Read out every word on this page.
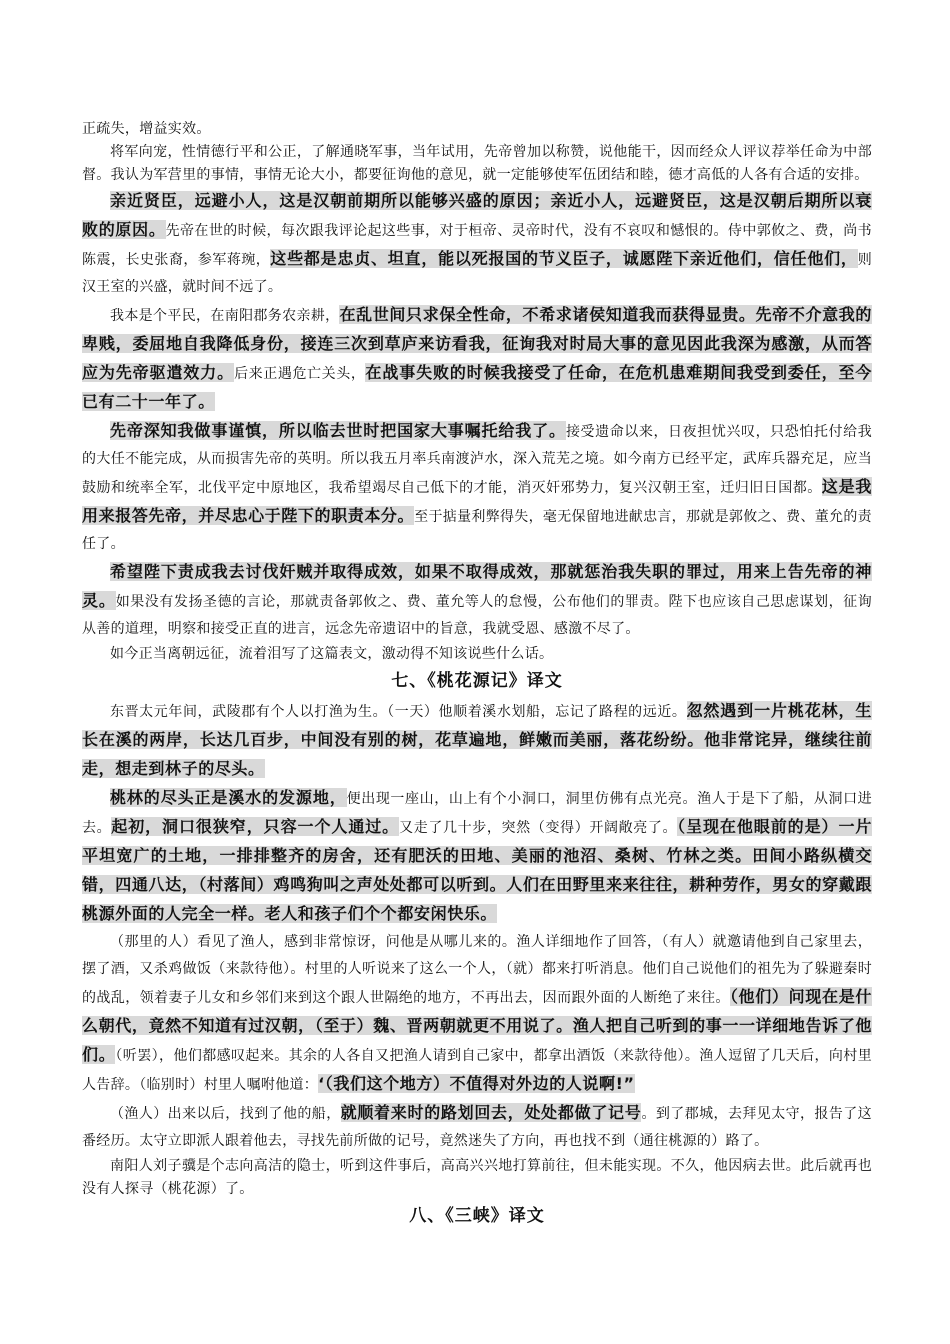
正疏失，增益实效。

将军向宠，性情德行平和公正，了解通晓军事，当年试用，先帝曾加以称赞，说他能干，因而经众人评议荐举任命为中部督。我认为军营里的事情，事情无论大小，都要征询他的意见，就一定能够使军伍团结和睦，德才高低的人各有合适的安排。

亲近贤臣，远避小人，这是汉朝前期所以能够兴盛的原因；亲近小人，远避贤臣，这是汉朝后期所以衰败的原因。先帝在世的时候，每次跟我评论起这些事，对于桓帝、灵帝时代，没有不哀叹和憾恨的。侍中郭攸之、费，尚书陈震，长史张裔，参军蒋琬，这些都是忠贞、坦直，能以死报国的节义臣子，诚愿陛下亲近他们，信任他们，则汉王室的兴盛，就时间不远了。

我本是个平民，在南阳郡务农亲耕，在乱世间只求保全性命，不希求诸侯知道我而获得显贵。先帝不介意我的卑贱，委屈地自我降低身份，接连三次到草庐来访看我，征询我对时局大事的意见因此我深为感激，从而答应为先帝驱遣效力。后来正遇危亡关头，在战事失败的时候我接受了任命，在危机患难期间我受到委任，至今已有二十一年了。

先帝深知我做事谨慎，所以临去世时把国家大事嘱托给我了。接受遗命以来，日夜担忧兴叹，只恐怕托付给我的大任不能完成，从而损害先帝的英明。所以我五月率兵南渡泸水，深入荒芜之境。如今南方已经平定，武库兵器充足，应当鼓励和统率全军，北伐平定中原地区，我希望竭尽自己低下的才能，消灭奸邪势力，复兴汉朝王室，迁归旧日国都。这是我用来报答先帝，并尽忠心于陛下的职责本分。至于掂量利弊得失，毫无保留地进献忠言，那就是郭攸之、费、董允的责任了。

希望陛下责成我去讨伐奸贼并取得成效，如果不取得成效，那就惩治我失职的罪过，用来上告先帝的神灵。如果没有发扬圣德的言论，那就责备郭攸之、费、董允等人的怠慢，公布他们的罪责。陛下也应该自己思虑谋划，征询从善的道理，明察和接受正直的进言，远念先帝遗诏中的旨意，我就受恩、感激不尽了。

如今正当离朝远征，流着泪写了这篇表文，激动得不知该说些什么话。

七、《桃花源记》译文

东晋太元年间，武陵郡有个人以打渔为生。（一天）他顺着溪水划船，忘记了路程的远近。忽然遇到一片桃花林，生长在溪的两岸，长达几百步，中间没有别的树，花草遍地，鲜嫩而美丽，落花纷纷。他非常诧异，继续往前走，想走到林子的尽头。

桃林的尽头正是溪水的发源地，便出现一座山，山上有个小洞口，洞里仿佛有点光亮。渔人于是下了船，从洞口进去。起初，洞口很狭窄，只容一个人通过。又走了几十步，突然（变得）开阔敞亮了。（呈现在他眼前的是）一片平坦宽广的土地，一排排整齐的房舍，还有肥沃的田地、美丽的池沼、桑树、竹林之类。田间小路纵横交错，四通八达，（村落间）鸡鸣狗叫之声处处都可以听到。人们在田野里来来往往，耕种劳作，男女的穿戴跟桃源外面的人完全一样。老人和孩子们个个都安闲快乐。

（那里的人）看见了渔人，感到非常惊讶，问他是从哪儿来的。渔人详细地作了回答，（有人）就邀请他到自己家里去，摆了酒，又杀鸡做饭（来款待他）。村里的人听说来了这么一个人，（就）都来打听消息。他们自己说他们的祖先为了躲避秦时的战乱，领着妻子儿女和乡邻们来到这个跟人世隔绝的地方，不再出去，因而跟外面的人断绝了来往。（他们）问现在是什么朝代，竟然不知道有过汉朝，（至于）魏、晋两朝就更不用说了。渔人把自己听到的事一一详细地告诉了他们。（听罢），他们都感叹起来。其余的人各自又把渔人请到自己家中，都拿出酒饭（来款待他）。渔人逗留了几天后，向村里人告辞。（临别时）村里人嘱咐他道：‘（我们这个地方）不值得对外边的人说啊!”

（渔人）出来以后，找到了他的船，就顺着来时的路划回去，处处都做了记号。到了郡城，去拜见太守，报告了这番经历。太守立即派人跟着他去，寻找先前所做的记号，竟然迷失了方向，再也找不到（通往桃源的）路了。

南阳人刘子骥是个志向高洁的隐士，听到这件事后，高高兴兴地打算前往，但未能实现。不久，他因病去世。此后就再也没有人探寻（桃花源）了。

八、《三峡》译文
